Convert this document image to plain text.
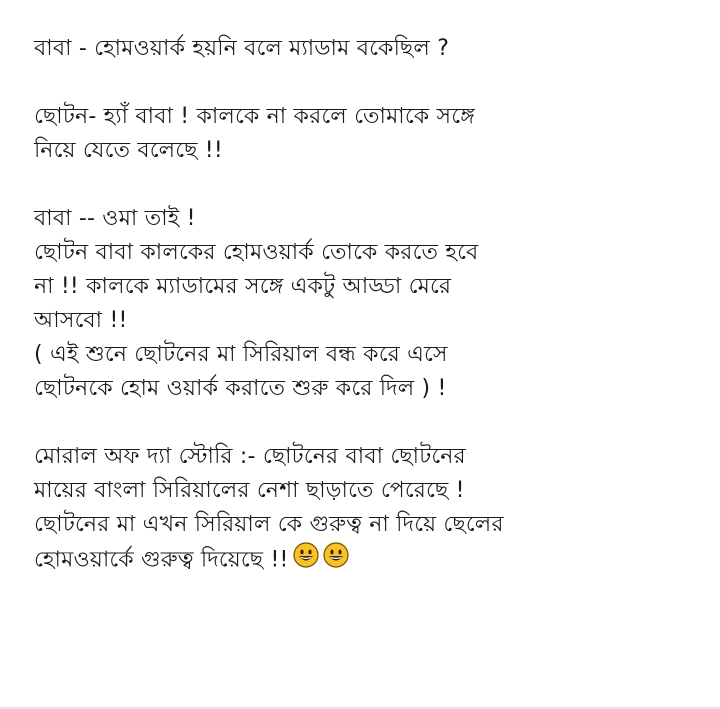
বাবা - হোমওয়ার্ক হয়নি বলে ম্যাডাম বকেছিল ?
ছোটন- হ্যাঁ বাবা ! কালকে না করলে তোমাকে সঙ্গে
নিয়ে যেতে বলেছে !!
বাবা -- ওমা তাই !
ছোটন বাবা কালকের হোমওয়ার্ক তোকে করতে হবে
না !! কালকে ম্যাডামের সঙ্গে একটু আড্ডা মেরে
আসবো !!
( এই শুনে ছোটনের মা সিরিয়াল বন্ধ করে এসে
ছোটনকে হোম ওয়ার্ক করাতে শুরু করে দিল ) !
মোরাল অফ দ্যা স্টোরি :- ছোটনের বাবা ছোটনের
মায়ের বাংলা সিরিয়ালের নেশা ছাড়াতে পেরেছে !
ছোটনের মা এখন সিরিয়াল কে গুরুত্ব না দিয়ে ছেলের
হোমওয়ার্কে গুরুত্ব দিয়েছে !!
